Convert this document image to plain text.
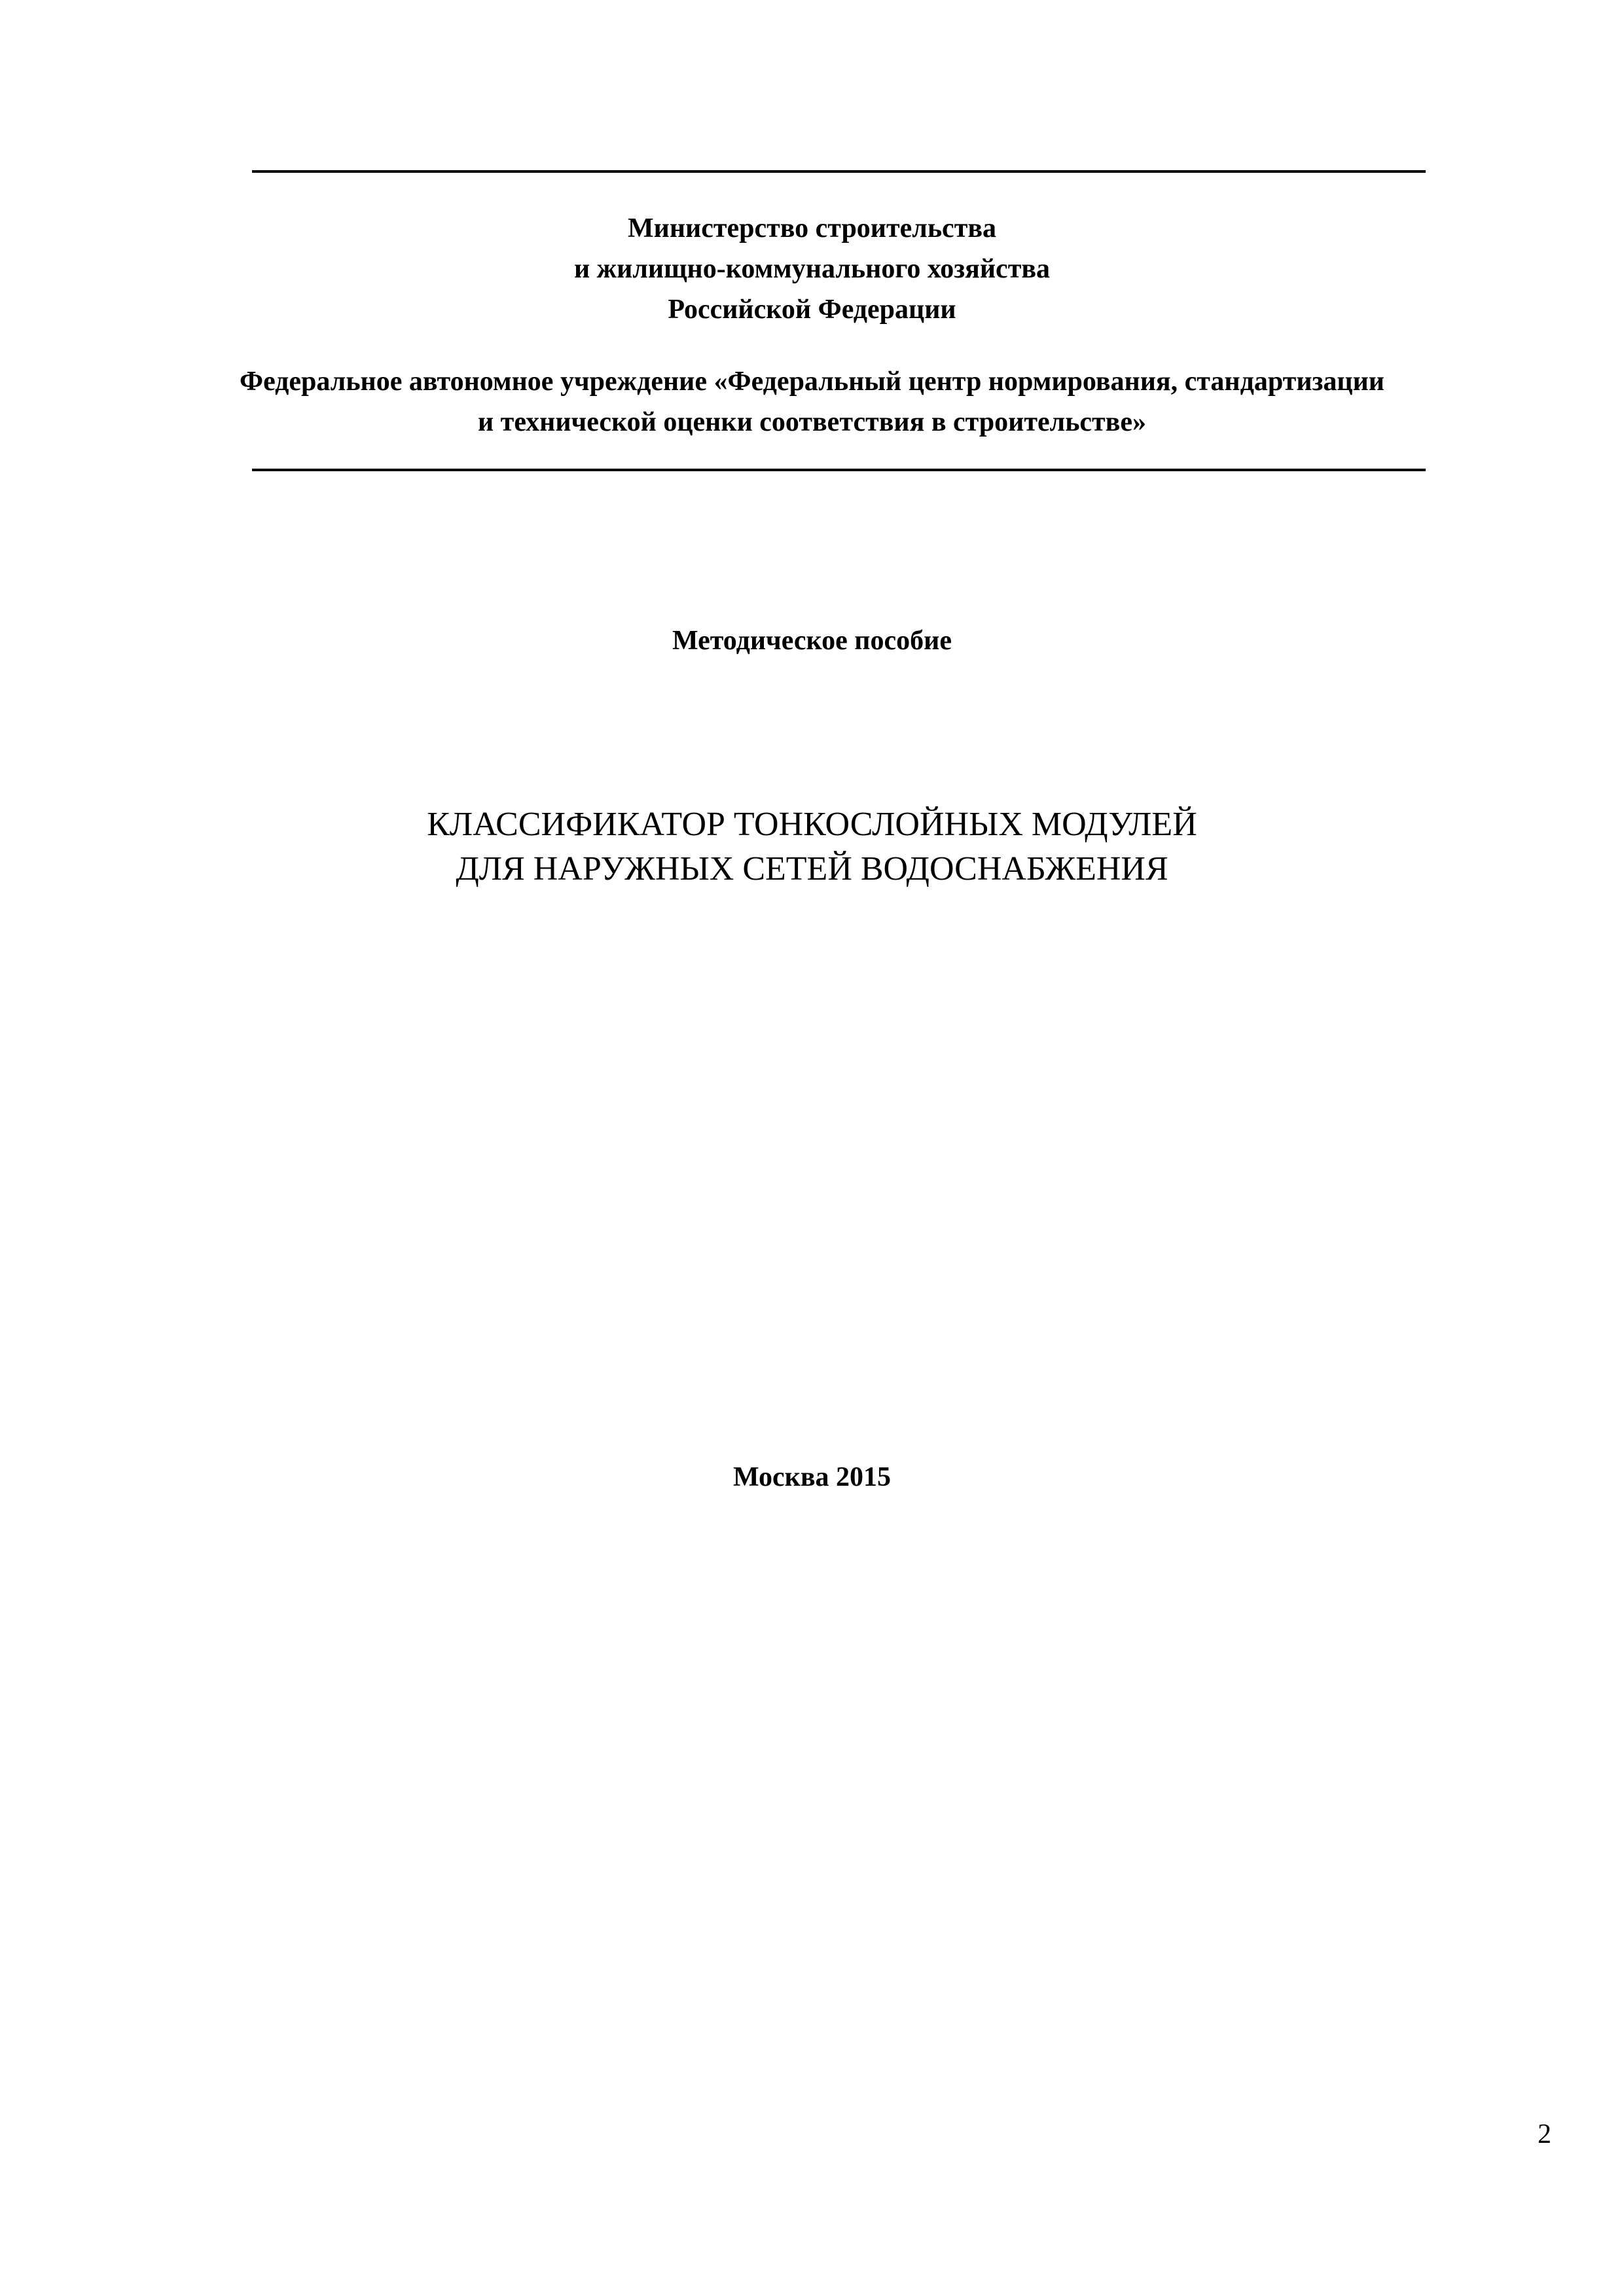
Министерство строительства
и жилищно-коммунального хозяйства
Российской Федерации
Федеральное автономное учреждение «Федеральный центр нормирования, стандартизации
и технической оценки соответствия в строительстве»
Методическое пособие
КЛАССИФИКАТОР ТОНКОСЛОЙНЫХ МОДУЛЕЙ
ДЛЯ НАРУЖНЫХ СЕТЕЙ ВОДОСНАБЖЕНИЯ
Москва 2015
2
